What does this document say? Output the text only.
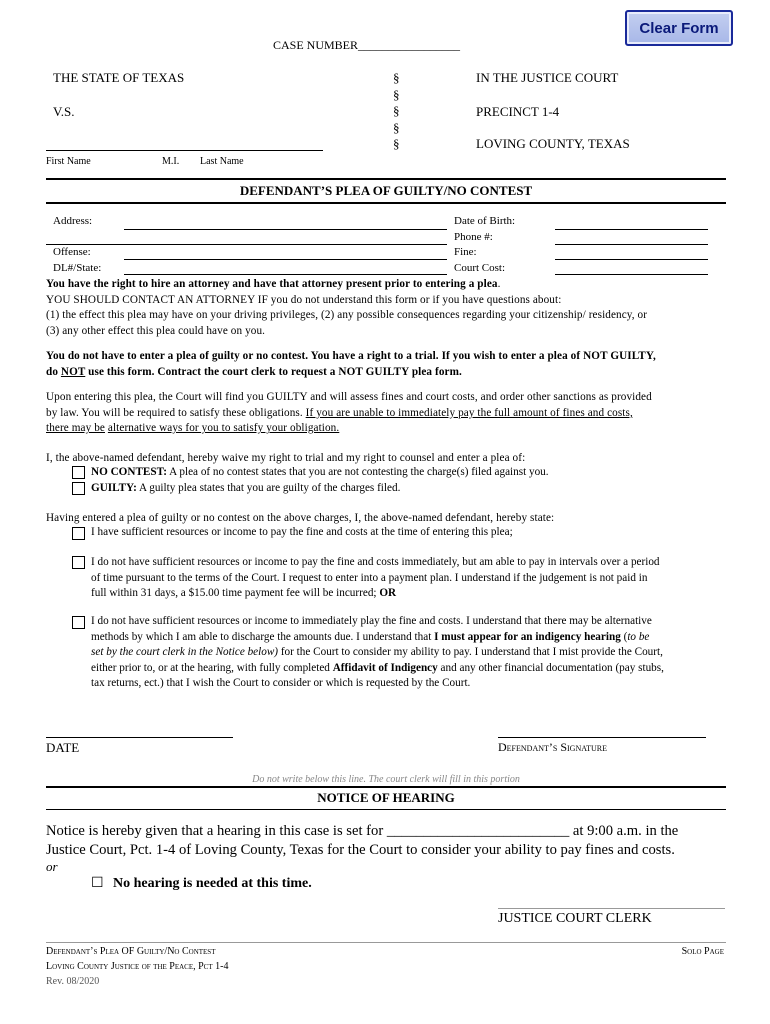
Clear Form
CASE NUMBER_________________
THE STATE OF TEXAS
V.S.
First Name	M.I. Last Name
§
§
§
§
§
IN THE JUSTICE COURT
PRECINCT 1-4
LOVING COUNTY, TEXAS
DEFENDANT’S PLEA OF GUILTY/NO CONTEST
Address:
Offense:
DL#/State:
Date of Birth:
Phone #:
Fine:
Court Cost:
You have the right to hire an attorney and have that attorney present prior to entering a plea.
YOU SHOULD CONTACT AN ATTORNEY IF you do not understand this form or if you have questions about:
(1) the effect this plea may have on your driving privileges, (2) any possible consequences regarding your citizenship/ residency, or
(3) any other effect this plea could have on you.
You do not have to enter a plea of guilty or no contest. You have a right to a trial. If you wish to enter a plea of NOT GUILTY,
do NOT use this form. Contract the court clerk to request a NOT GUILTY plea form.
Upon entering this plea, the Court will find you GUILTY and will assess fines and court costs, and order other sanctions as provided
by law. You will be required to satisfy these obligations. If you are unable to immediately pay the full amount of fines and costs,
there may be alternative ways for you to satisfy your obligation.
I, the above-named defendant, hereby waive my right to trial and my right to counsel and enter a plea of:
NO CONTEST: A plea of no contest states that you are not contesting the charge(s) filed against you.
GUILTY: A guilty plea states that you are guilty of the charges filed.
Having entered a plea of guilty or no contest on the above charges, I, the above-named defendant, hereby state:
I have sufficient resources or income to pay the fine and costs at the time of entering this plea;
I do not have sufficient resources or income to pay the fine and costs immediately, but am able to pay in intervals over a period
of time pursuant to the terms of the Court. I request to enter into a payment plan. I understand if the judgement is not paid in
full within 31 days, a $15.00 time payment fee will be incurred; OR
I do not have sufficient resources or income to immediately play the fine and costs. I understand that there may be alternative
methods by which I am able to discharge the amounts due. I understand that I must appear for an indigency hearing (to be
set by the court clerk in the Notice below) for the Court to consider my ability to pay. I understand that I mist provide the Court,
either prior to, or at the hearing, with fully completed Affidavit of Indigency and any other financial documentation (pay stubs,
tax returns, ect.) that I wish the Court to consider or which is requested by the Court.
DATE	Defendant’s Signature
Do not write below this line. The court clerk will fill in this portion
NOTICE OF HEARING
Notice is hereby given that a hearing in this case is set for _________________________ at 9:00 a.m. in the
Justice Court, Pct. 1-4 of Loving County, Texas for the Court to consider your ability to pay fines and costs.
or
☐ No hearing is needed at this time.
JUSTICE COURT CLERK
Defendant’s Plea OF Guilty/No Contest
Loving County Justice of the Peace, Pct 1-4
Rev. 08/2020
Solo Page
